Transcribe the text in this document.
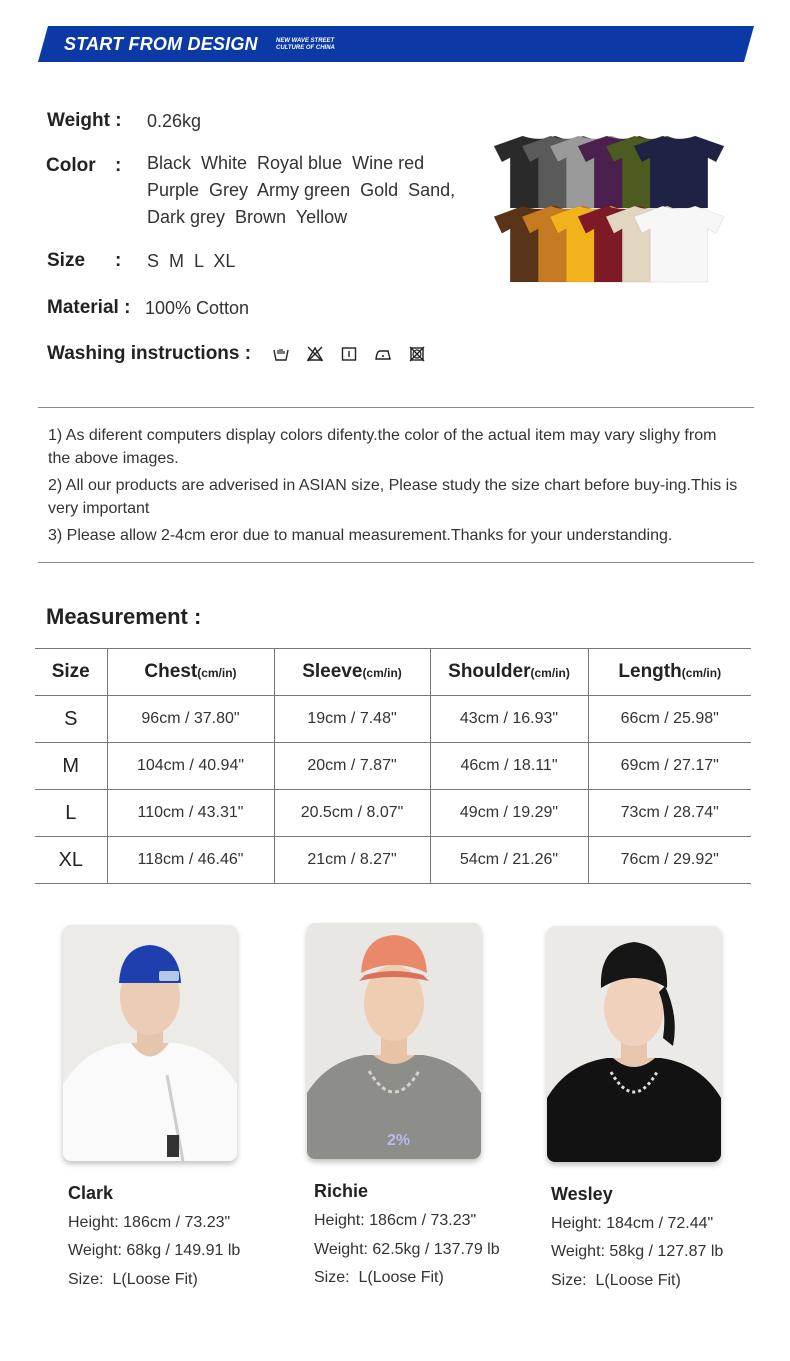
START FROM DESIGN	NEW WAVE STREET
CULTURE OF CHINA
Weight : 0.26kg
Color : Black  White  Royal blue  Wine red
Purple  Grey  Army green  Gold  Sand,
Dark grey  Brown  Yellow
Size : S  M  L  XL
Material : 100% Cotton
Washing instructions :

1) As diferent computers display colors difenty.the color of the actual item may vary slighy from the above images.

2) All our products are adverised in ASIAN size, Please study the size chart before buy-ing.This is very important

3) Please allow 2-4cm eror due to manual measurement.Thanks for your understanding.

Measurement :
Size	Chest(cm/in)	Sleeve(cm/in)	Shoulder(cm/in)	Length(cm/in)
S	96cm / 37.80"	19cm / 7.48"	43cm / 16.93"	66cm / 25.98"
M	104cm / 40.94"	20cm / 7.87"	46cm / 18.11"	69cm / 27.17"
L	110cm / 43.31"	20.5cm / 8.07"	49cm / 19.29"	73cm / 28.74"
XL	118cm / 46.46"	21cm / 8.27"	54cm / 21.26"	76cm / 29.92"
2%
Clark
Height: 186cm / 73.23"
Weight: 68kg / 149.91 lb
Size:  L(Loose Fit)
Richie
Height: 186cm / 73.23"
Weight: 62.5kg / 137.79 lb
Size:  L(Loose Fit)
Wesley
Height: 184cm / 72.44"
Weight: 58kg / 127.87 lb
Size:  L(Loose Fit)
